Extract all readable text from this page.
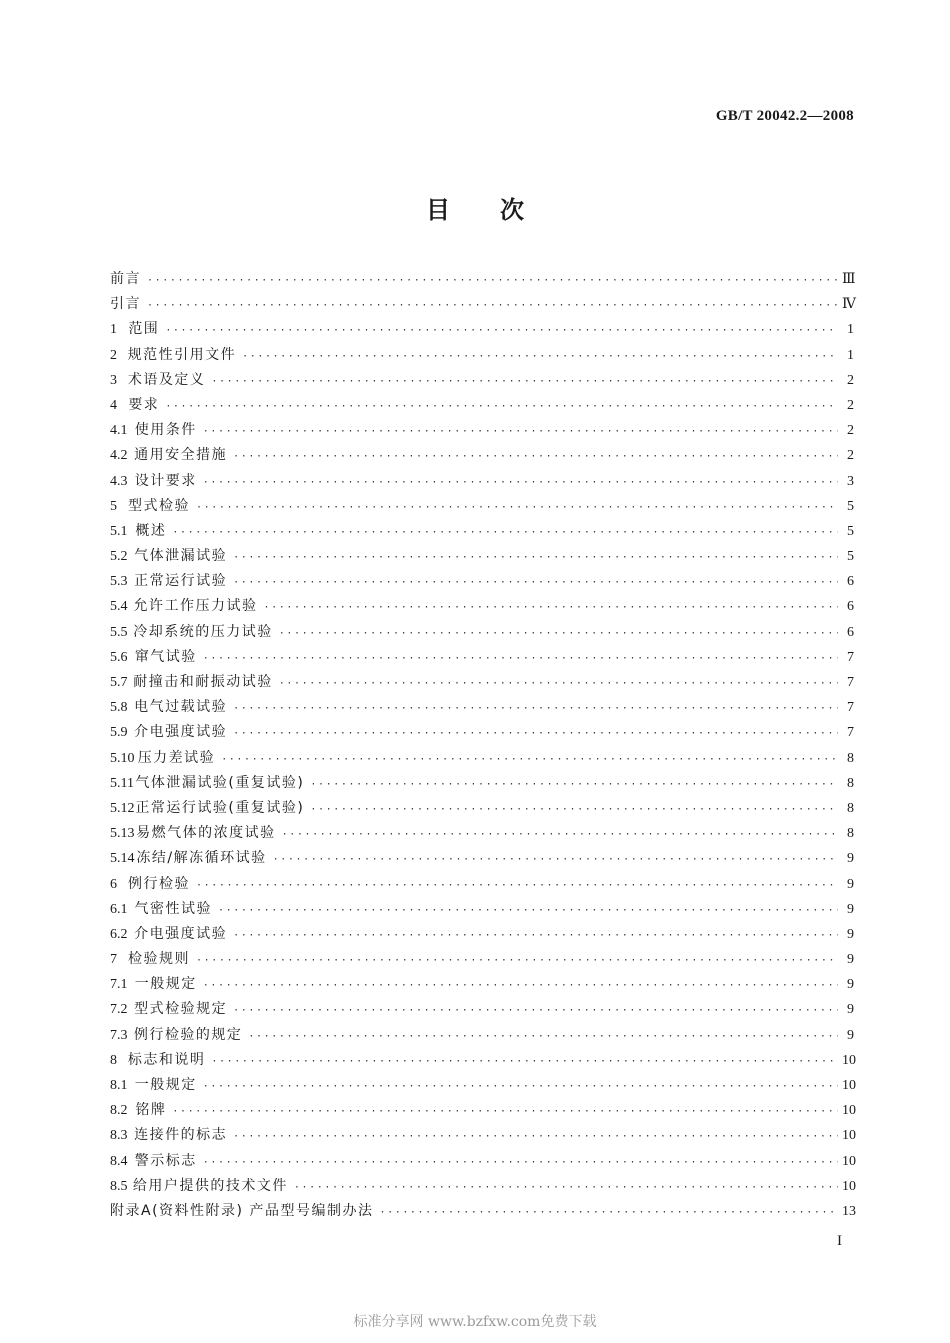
GB/T 20042.2—2008
目次
前言 ·····	Ⅲ
引言 ·····	Ⅳ
1 范围 ·····	1
2 规范性引用文件 ·····	1
3 术语及定义 ·····	2
4 要求 ·····	2
4.1 使用条件 ·····	2
4.2 通用安全措施 ·····	2
4.3 设计要求 ·····	3
5 型式检验 ·····	5
5.1 概述 ·····	5
5.2 气体泄漏试验 ·····	5
5.3 正常运行试验 ·····	6
5.4 允许工作压力试验 ·····	6
5.5 冷却系统的压力试验 ·····	6
5.6 窜气试验 ·····	7
5.7 耐撞击和耐振动试验 ·····	7
5.8 电气过载试验 ·····	7
5.9 介电强度试验 ·····	7
5.10 压力差试验 ·····	8
5.11 气体泄漏试验(重复试验) ·····	8
5.12 正常运行试验(重复试验) ·····	8
5.13 易燃气体的浓度试验 ·····	8
5.14 冻结/解冻循环试验 ·····	9
6 例行检验 ·····	9
6.1 气密性试验 ·····	9
6.2 介电强度试验 ·····	9
7 检验规则 ·····	9
7.1 一般规定 ·····	9
7.2 型式检验规定 ·····	9
7.3 例行检验的规定 ·····	9
8 标志和说明 ·····	10
8.1 一般规定 ·····	10
8.2 铭牌 ·····	10
8.3 连接件的标志 ·····	10
8.4 警示标志 ·····	10
8.5 给用户提供的技术文件 ·····	10
附录A(资料性附录) 产品型号编制办法 ·····	13
I
标准分享网 www.bzfxw.com免费下载
